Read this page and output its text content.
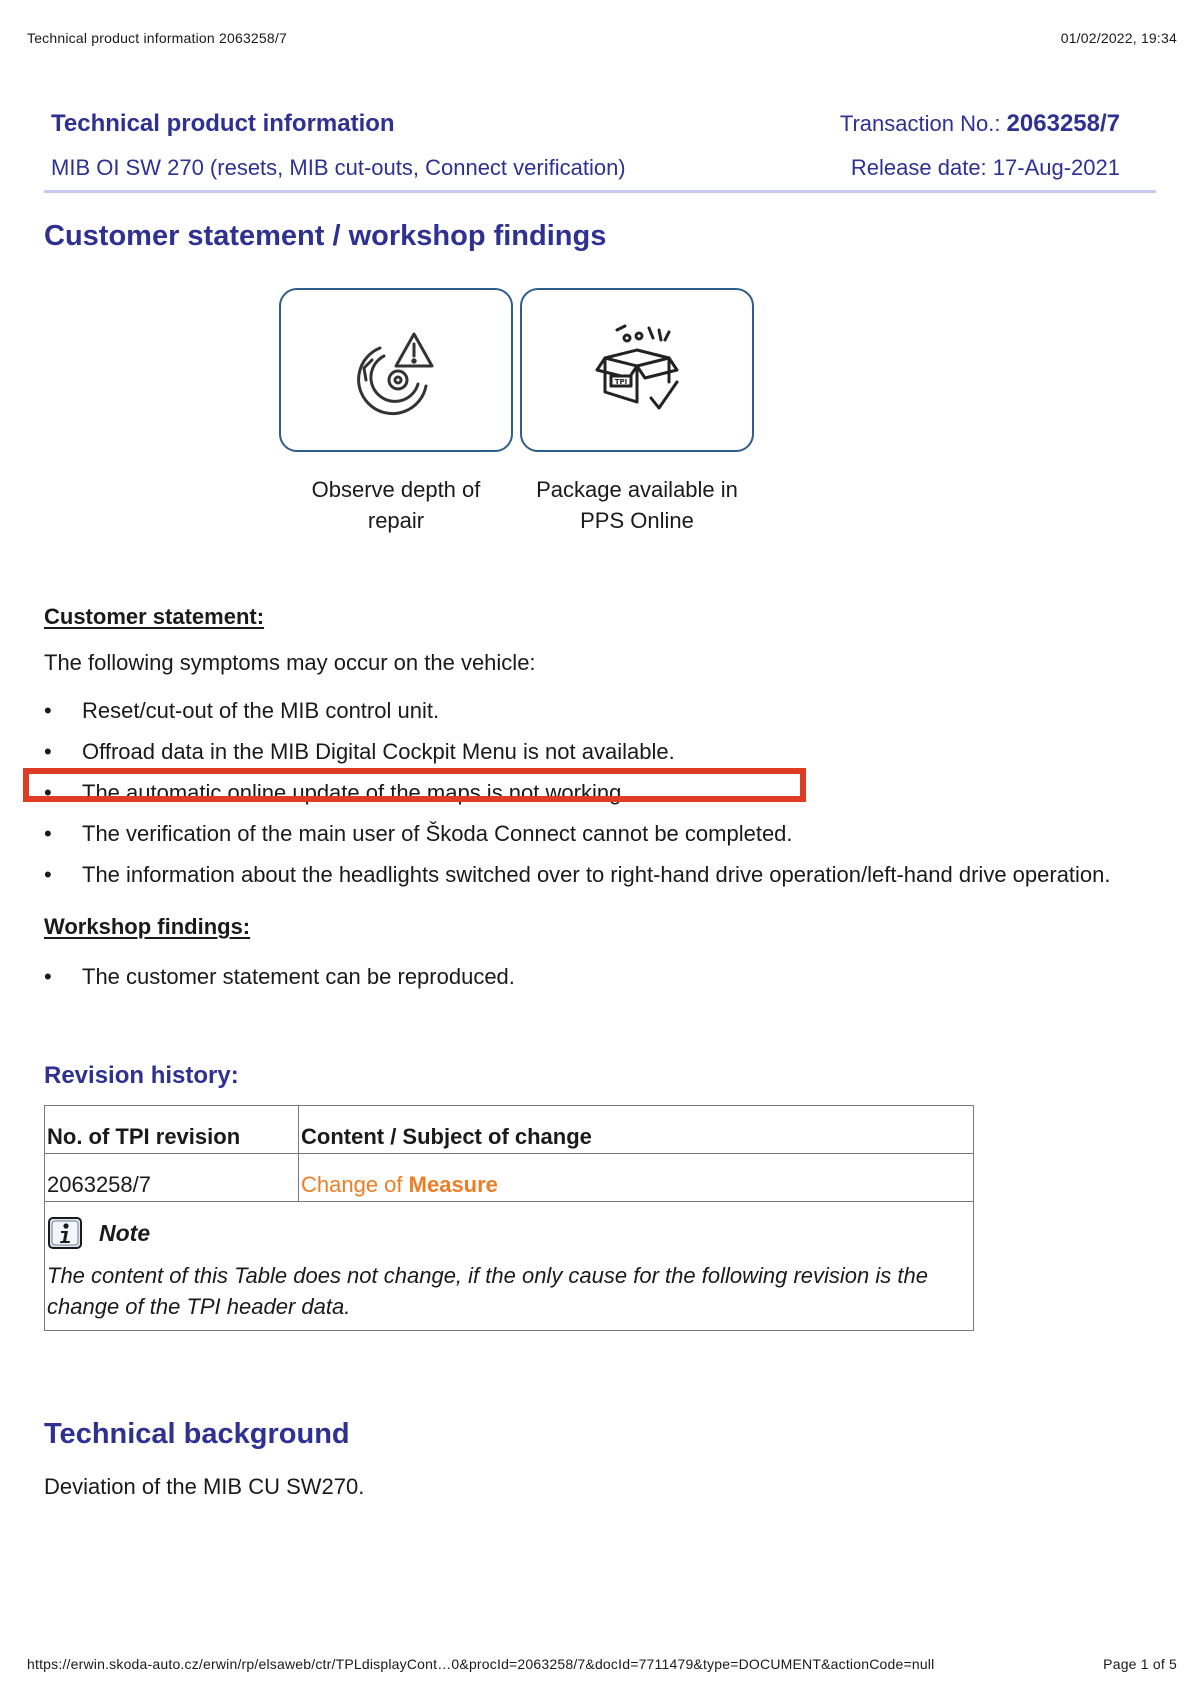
Technical product information 2063258/7	01/02/2022, 19:34
Technical product information
MIB OI SW 270 (resets, MIB cut-outs, Connect verification)
Transaction No.: 2063258/7
Release date: 17-Aug-2021
Customer statement / workshop findings
TPI
Observe depth of
repair
Package available in
PPS Online
Customer statement:
The following symptoms may occur on the vehicle:
• Reset/cut-out of the MIB control unit.
• Offroad data in the MIB Digital Cockpit Menu is not available.
• The automatic online update of the maps is not working.
• The verification of the main user of Škoda Connect cannot be completed.
• The information about the headlights switched over to right-hand drive operation/left-hand drive operation.
Workshop findings:
• The customer statement can be reproduced.
Revision history:
No. of TPI revision	Content / Subject of change
2063258/7	Change of Measure

Note
The content of this Table does not change, if the only cause for the following revision is the change of the TPI header data.	
Technical background
Deviation of the MIB CU SW270.
https://erwin.skoda-auto.cz/erwin/rp/elsaweb/ctr/TPLdisplayCont…0&procId=2063258/7&docId=7711479&type=DOCUMENT&actionCode=null	Page 1 of 5
